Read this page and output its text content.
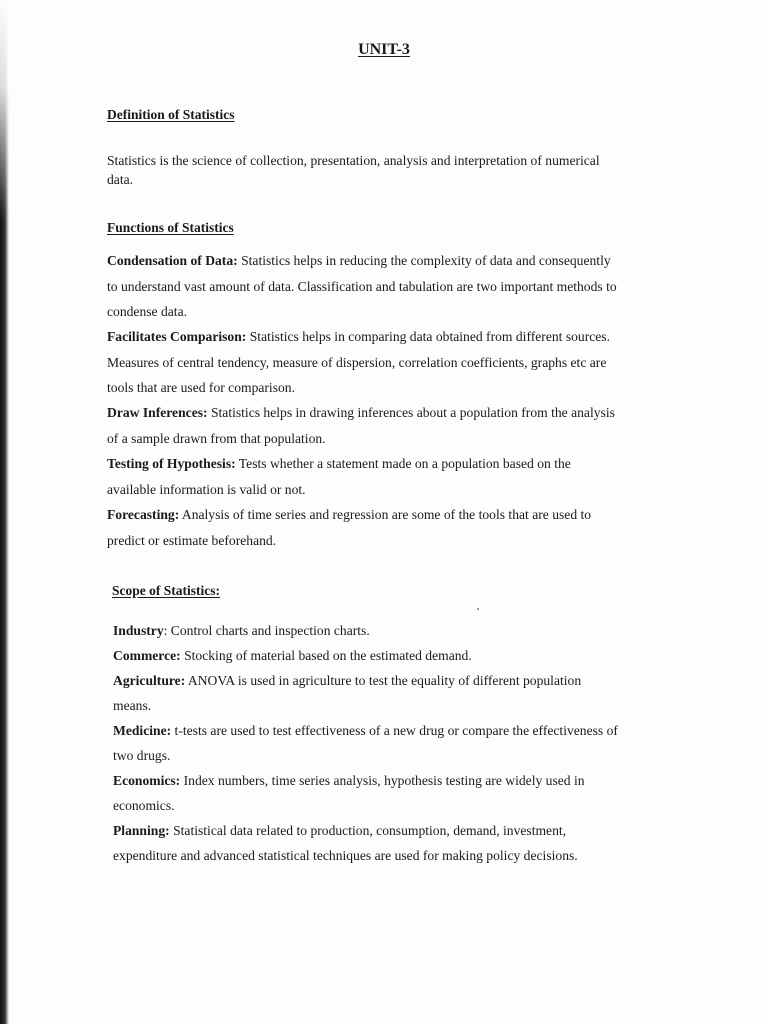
UNIT-3
Definition of Statistics
Statistics is the science of collection, presentation, analysis and interpretation of numerical
data.
Functions of Statistics
Condensation of Data: Statistics helps in reducing the complexity of data and consequently
to understand vast amount of data. Classification and tabulation are two important methods to
condense data.
Facilitates Comparison: Statistics helps in comparing data obtained from different sources.
Measures of central tendency, measure of dispersion, correlation coefficients, graphs etc are
tools that are used for comparison.
Draw Inferences: Statistics helps in drawing inferences about a population from the analysis
of a sample drawn from that population.
Testing of Hypothesis: Tests whether a statement made on a population based on the
available information is valid or not.
Forecasting: Analysis of time series and regression are some of the tools that are used to
predict or estimate beforehand.
Scope of Statistics:
Industry: Control charts and inspection charts.
Commerce: Stocking of material based on the estimated demand.
Agriculture: ANOVA is used in agriculture to test the equality of different population
means.
Medicine: t-tests are used to test effectiveness of a new drug or compare the effectiveness of
two drugs.
Economics: Index numbers, time series analysis, hypothesis testing are widely used in
economics.
Planning: Statistical data related to production, consumption, demand, investment,
expenditure and advanced statistical techniques are used for making policy decisions.
